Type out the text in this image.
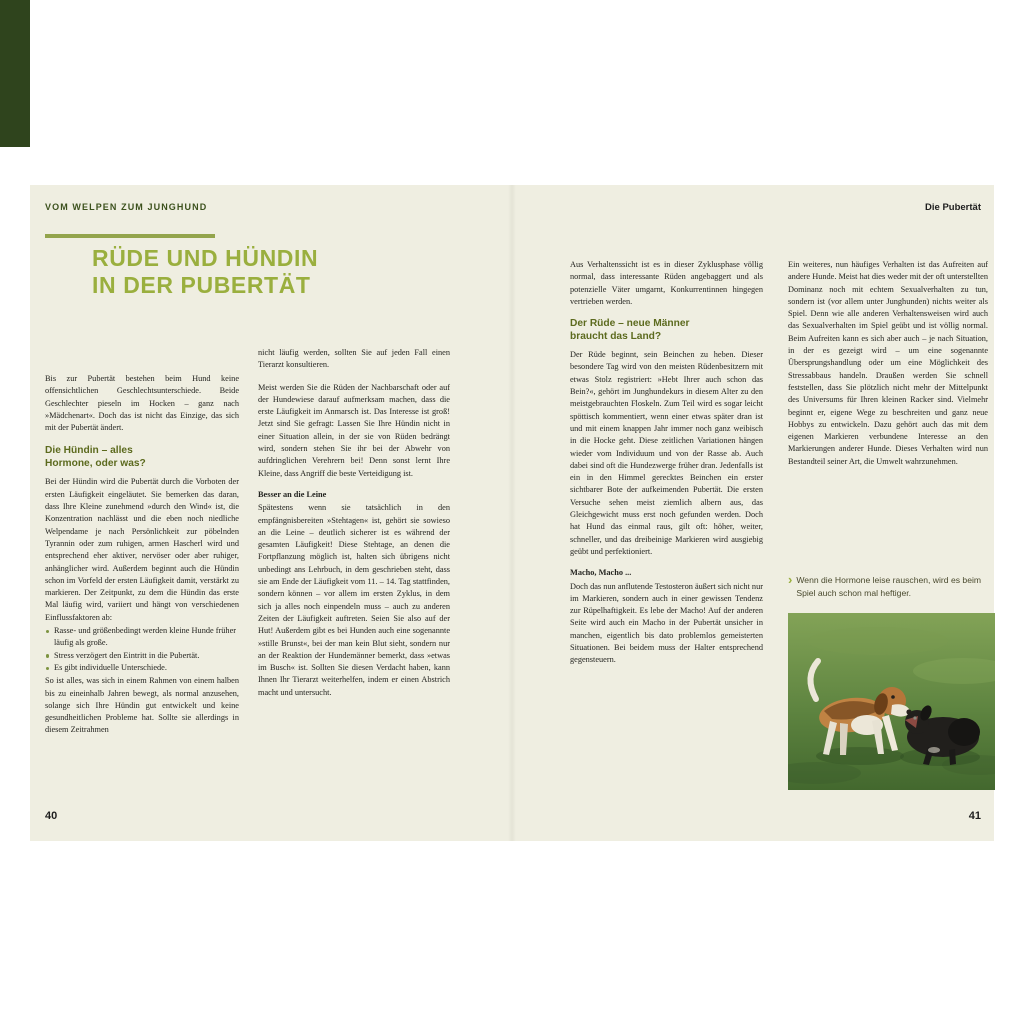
VOM WELPEN ZUM JUNGHUND	Die Pubertät
RÜDE UND HÜNDIN
IN DER PUBERTÄT

Bis zur Pubertät bestehen beim Hund keine offensichtlichen Geschlechtsunterschiede. Beide Geschlechter pieseln im Hocken – ganz nach »Mädchenart«. Doch das ist nicht das Einzige, das sich mit der Pubertät ändert.

Die Hündin – alles
Hormone, oder was?

Bei der Hündin wird die Pubertät durch die Vorboten der ersten Läufigkeit eingeläutet. Sie bemerken das daran, dass Ihre Kleine zunehmend »durch den Wind« ist, die Konzentration nachlässt und die eben noch niedliche Welpendame je nach Persönlichkeit zur pöbelnden Tyrannin oder zum ruhigen, armen Hascherl wird und entsprechend eher aktiver, nervöser oder aber ruhiger, anhänglicher wird. Außerdem beginnt auch die Hündin schon im Vorfeld der ersten Läufigkeit damit, verstärkt zu markieren. Der Zeitpunkt, zu dem die Hündin das erste Mal läufig wird, variiert und hängt von verschiedenen Einflussfaktoren ab:

Rasse- und größenbedingt werden kleine Hunde früher läufig als große.
Stress verzögert den Eintritt in die Pubertät.
Es gibt individuelle Unterschiede.

So ist alles, was sich in einem Rahmen von einem halben bis zu eineinhalb Jahren bewegt, als normal anzusehen, solange sich Ihre Hündin gut entwickelt und keine gesundheitlichen Probleme hat. Sollte sie allerdings in diesem Zeitrahmen

nicht läufig werden, sollten Sie auf jeden Fall einen Tierarzt konsultieren.

Meist werden Sie die Rüden der Nachbarschaft oder auf der Hundewiese darauf aufmerksam machen, dass die erste Läufigkeit im Anmarsch ist. Das Interesse ist groß! Jetzt sind Sie gefragt: Lassen Sie Ihre Hündin nicht in einer Situation allein, in der sie von Rüden bedrängt wird, sondern stehen Sie ihr bei der Abwehr von aufdringlichen Verehrern bei! Denn sonst lernt Ihre Kleine, dass Angriff die beste Verteidigung ist.

Besser an die Leine

Spätestens wenn sie tatsächlich in den empfängnisbereiten »Stehtagen« ist, gehört sie sowieso an die Leine – deutlich sicherer ist es während der gesamten Läufigkeit! Diese Stehtage, an denen die Fortpflanzung möglich ist, halten sich übrigens nicht unbedingt ans Lehrbuch, in dem geschrieben steht, dass sie am Ende der Läufigkeit vom 11. – 14. Tag stattfinden, sondern können – vor allem im ersten Zyklus, in dem sich ja alles noch einpendeln muss – auch zu anderen Zeiten der Läufigkeit auftreten. Seien Sie also auf der Hut! Außerdem gibt es bei Hunden auch eine sogenannte »stille Brunst«, bei der man kein Blut sieht, sondern nur an der Reaktion der Hundemänner bemerkt, dass »etwas im Busch« ist. Sollten Sie diesen Verdacht haben, kann Ihnen Ihr Tierarzt weiterhelfen, indem er einen Abstrich macht und untersucht.

Aus Verhaltenssicht ist es in dieser Zyklusphase völlig normal, dass interessante Rüden angebaggert und als potenzielle Väter umgarnt, Konkurrentinnen hingegen vertrieben werden.

Der Rüde – neue Männer
braucht das Land?

Der Rüde beginnt, sein Beinchen zu heben. Dieser besondere Tag wird von den meisten Rüdenbesitzern mit etwas Stolz registriert: »Hebt Ihrer auch schon das Bein?«, gehört im Junghundekurs in diesem Alter zu den meistgebrauchten Floskeln. Zum Teil wird es sogar leicht spöttisch kommentiert, wenn einer etwas später dran ist und mit einem knappen Jahr immer noch ganz weibisch in die Hocke geht. Diese zeitlichen Variationen hängen wieder vom Individuum und von der Rasse ab. Auch dabei sind oft die Hundezwerge früher dran. Jedenfalls ist ein in den Himmel gerecktes Beinchen ein erster sichtbarer Bote der aufkeimenden Pubertät. Die ersten Versuche sehen meist ziemlich albern aus, das Gleichgewicht muss erst noch gefunden werden. Doch hat Hund das einmal raus, gilt oft: höher, weiter, schneller, und das dreibeinige Markieren wird ausgiebig geübt und perfektioniert.

Macho, Macho ...

Doch das nun anflutende Testosteron äußert sich nicht nur im Markieren, sondern auch in einer gewissen Tendenz zur Rüpelhaftigkeit. Es lebe der Macho! Auf der anderen Seite wird auch ein Macho in der Pubertät unsicher in manchen, eigentlich bis dato problemlos gemeisterten Situationen. Bei beidem muss der Halter entsprechend gegensteuern.

Ein weiteres, nun häufiges Verhalten ist das Aufreiten auf andere Hunde. Meist hat dies weder mit der oft unterstellten Dominanz noch mit echtem Sexualverhalten zu tun, sondern ist (vor allem unter Junghunden) nichts weiter als Spiel. Denn wie alle anderen Verhaltensweisen wird auch das Sexualverhalten im Spiel geübt und ist völlig normal. Beim Aufreiten kann es sich aber auch – je nach Situation, in der es gezeigt wird – um eine sogenannte Übersprungshandlung oder um eine Möglichkeit des Stressabbaus handeln. Draußen werden Sie schnell feststellen, dass Sie plötzlich nicht mehr der Mittelpunkt des Universums für Ihren kleinen Racker sind. Vielmehr beginnt er, eigene Wege zu beschreiten und ganz neue Hobbys zu entwickeln. Dazu gehört auch das mit dem eigenen Markieren verbundene Interesse an den Markierungen anderer Hunde. Dieses Verhalten wird nun Bestandteil seiner Art, die Umwelt wahrzunehmen.

› Wenn die Hormone leise rauschen, wird es beim Spiel auch schon mal heftiger.
40	41
